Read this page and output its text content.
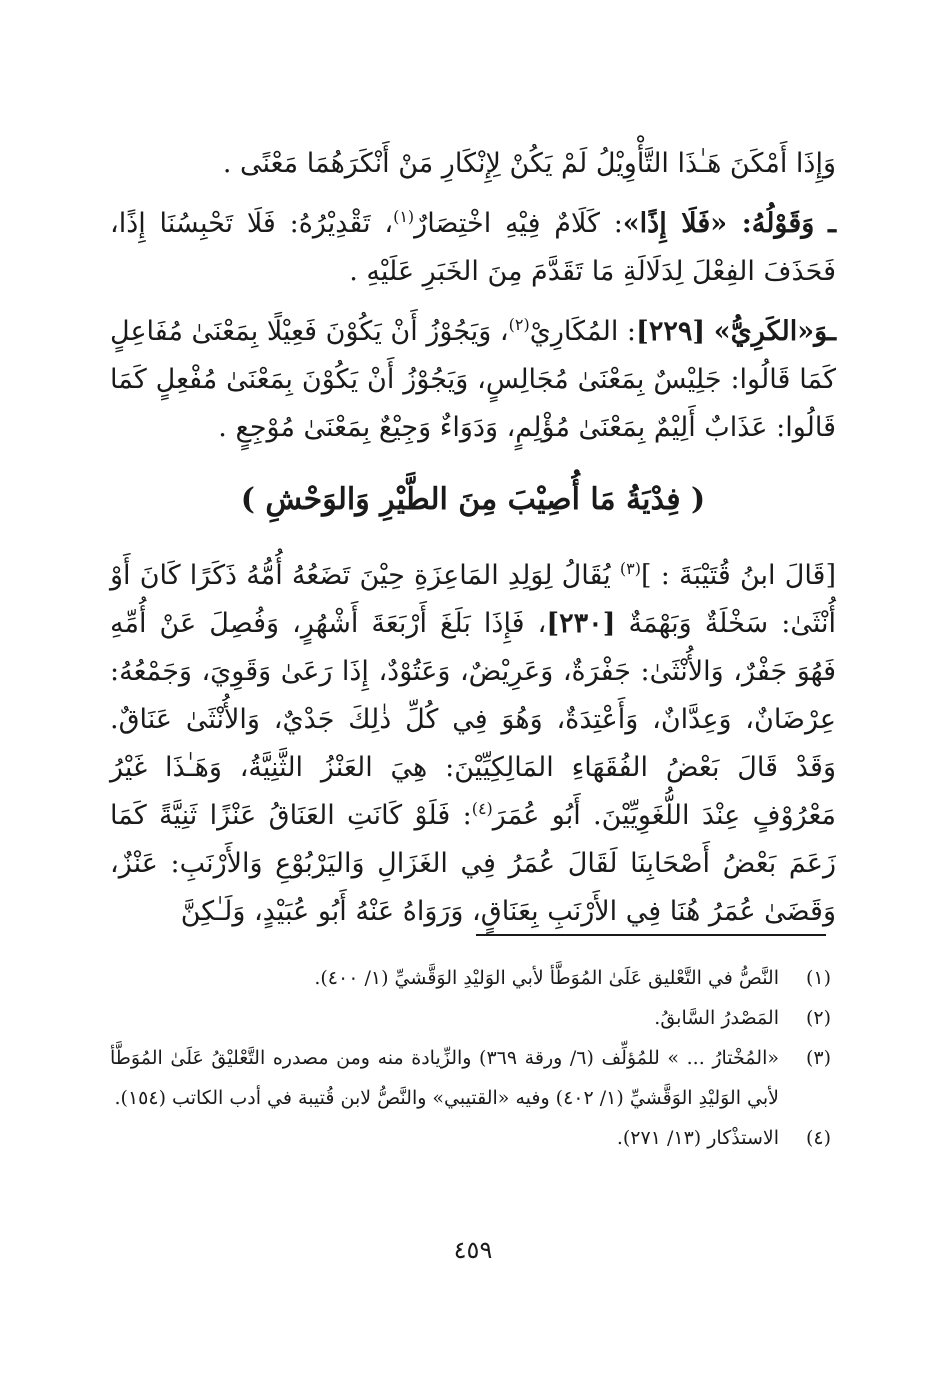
وَإِذَا أَمْكَنَ هَـٰذَا التَّأْوِيْلُ لَمْ يَكُنْ لِإِنْكَارِ مَنْ أَنْكَرَهُمَا مَعْنًى .

ـ وَقَوْلُهُ: «فَلَا إِذًا»: كَلَامٌ فِيْهِ اخْتِصَارٌ$^{(١)}$، تَقْدِيْرُهُ: فَلَا تَحْبِسُنَا إِذًا، فَحَذَفَ الفِعْلَ لِدَلَالَةِ مَا تَقَدَّمَ مِنَ الخَبَرِ عَلَيْهِ .

ـوَ«الكَرِيُّ» [٢٢٩]: المُكَارِيْ$^{(٢)}$، وَيَجُوْزُ أَنْ يَكُوْنَ فَعِيْلًا بِمَعْنَىٰ مُفَاعِلٍ كَمَا قَالُوا: جَلِيْسٌ بِمَعْنَىٰ مُجَالِسٍ، وَيَجُوْزُ أَنْ يَكُوْنَ بِمَعْنَىٰ مُفْعِلٍ كَمَا قَالُوا: عَذَابٌ أَلِيْمٌ بِمَعْنَىٰ مُؤْلِمٍ، وَدَوَاءٌ وَجِيْعٌ بِمَعْنَىٰ مُوْجِعٍ .

( فِدْيَةُ مَا أُصِيْبَ مِنَ الطَّيْرِ وَالوَحْشِ )

[قَالَ ابنُ قُتَيْبَةَ : ]$^{(٣)}$ يُقَالُ لِوَلِدِ المَاعِزَةِ حِيْنَ تَضَعُهُ أُمُّهُ ذَكَرًا كَانَ أَوْ أُنْثَىٰ: سَخْلَةٌ وَبَهْمَةٌ [٢٣٠]، فَإِذَا بَلَغَ أَرْبَعَةَ أَشْهُرٍ، وَفُصِلَ عَنْ أُمِّهِ فَهُوَ جَفْرٌ، وَالأُنْثَىٰ: جَفْرَةٌ، وَعَرِيْضٌ، وَعَتُوْدٌ، إِذَا رَعَىٰ وَقَوِيَ، وَجَمْعُهُ: عِرْضَانٌ، وَعِدَّانٌ، وَأَعْتِدَةٌ، وَهُوَ فِي كُلِّ ذٰلِكَ جَدْيٌ، وَالأُنْثَىٰ عَنَاقٌ. وَقَدْ قَالَ بَعْضُ الفُقَهَاءِ المَالِكِيِّيْنَ: هِيَ العَنْزُ الثَّنِيَّةُ، وَهَـٰذَا غَيْرُ مَعْرُوْفٍ عِنْدَ اللُّغَوِيِّيْنَ. أَبُو عُمَرَ$^{(٤)}$: فَلَوْ كَانَتِ العَنَاقُ عَنْزًا ثَنِيَّةً كَمَا زَعَمَ بَعْضُ أَصْحَابِنَا لَقَالَ عُمَرُ فِي الغَزَالِ وَاليَرْبُوْعِ وَالأَرْنَبِ: عَنْزٌ، وَقَضَىٰ عُمَرُ هُنَا فِي الأَرْنَبِ بِعَنَاقٍ، وَرَوَاهُ عَنْهُ أَبُو عُبَيْدٍ، وَلَـٰكِنَّ

(١)
النَّصُّ في التَّعْليق عَلَىٰ المُوَطَّأ لأبي الوَليْدِ الوَقَّشيِّ (١/ ٤٠٠).
(٢)
المَصْدرُ السَّابقُ.
(٣)
«المُخْتارُ ... » للمُؤلِّف (٦/ ورقة ٣٦٩) والزِّيادة منه ومن مصدره التَّعْليْقُ عَلَىٰ المُوَطَّأ لأبي الوَليْدِ الوَقَّشيِّ (١/ ٤٠٢) وفيه «القتيبي» والنَّصُّ لابن قُتيبة في أدب الكاتب (١٥٤).
(٤)
الاستذْكار (١٣/ ٢٧١).
٤٥٩
